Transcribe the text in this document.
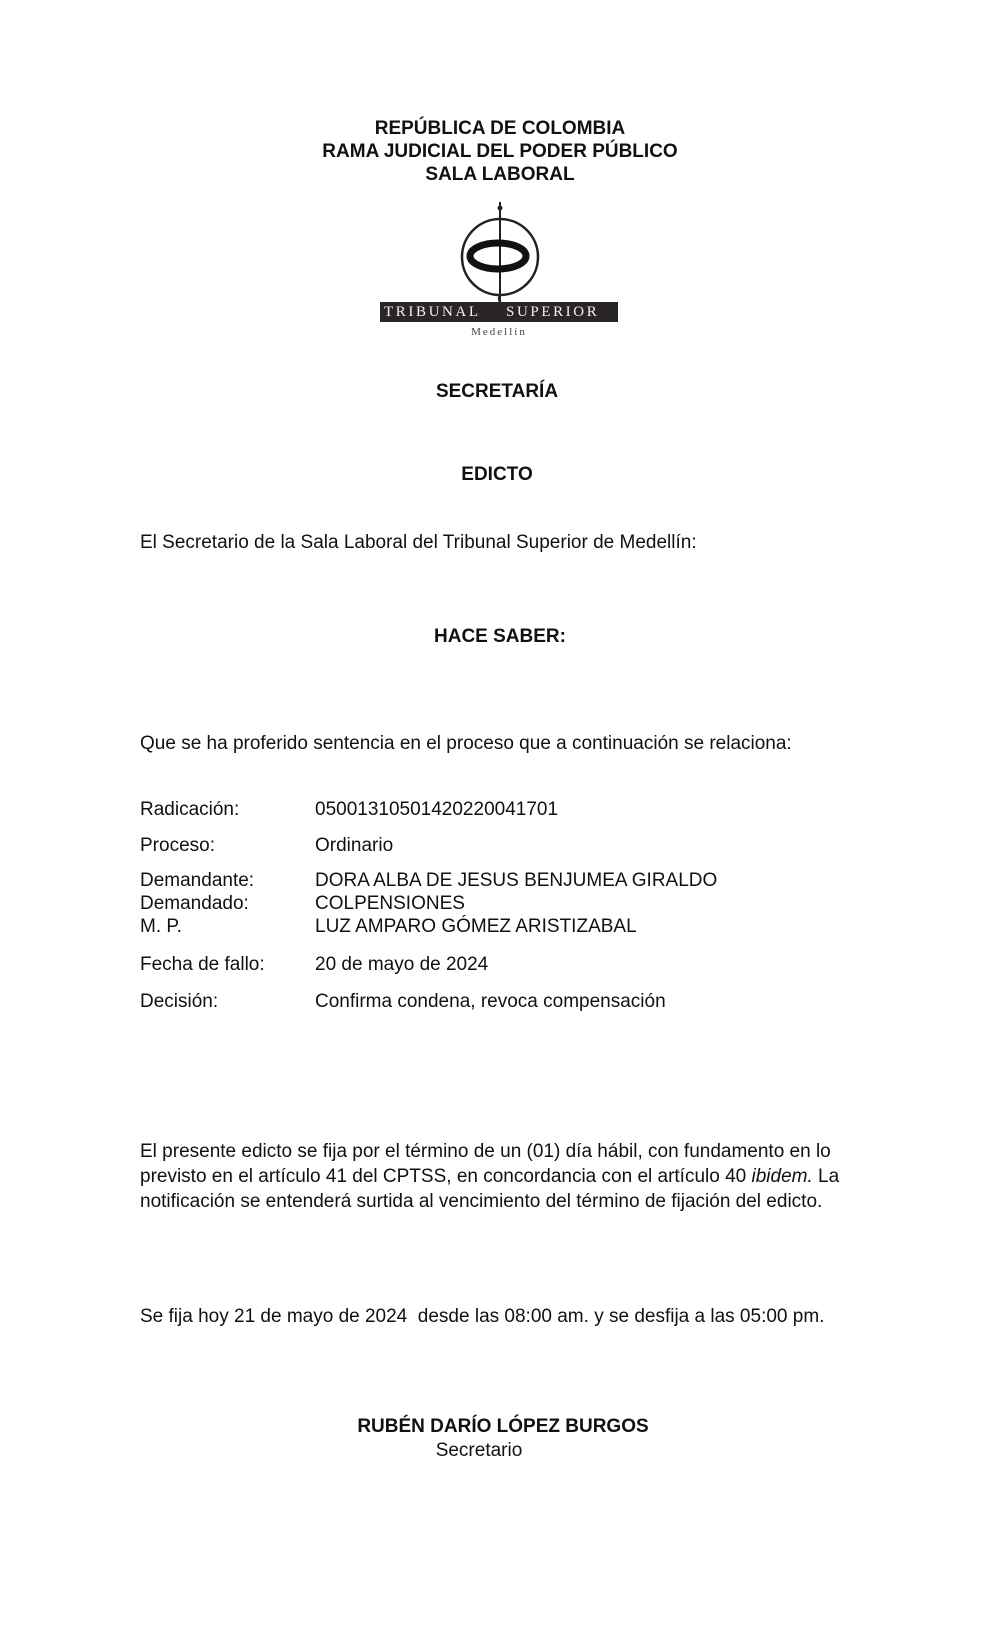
REPÚBLICA DE COLOMBIA
RAMA JUDICIAL DEL PODER PÚBLICO
SALA LABORAL
TRIBUNAL SUPERIOR
Medellín
SECRETARÍA
EDICTO
El Secretario de la Sala Laboral del Tribunal Superior de Medellín:
HACE SABER:
Que se ha proferido sentencia en el proceso que a continuación se relaciona:
Radicación:	05001310501420220041701
Proceso:	Ordinario
Demandante:	DORA ALBA DE JESUS BENJUMEA GIRALDO
Demandado:	COLPENSIONES
M. P.	LUZ AMPARO GÓMEZ ARISTIZABAL
Fecha de fallo:	20 de mayo de 2024
Decisión:	Confirma condena, revoca compensación
El presente edicto se fija por el término de un (01) día hábil, con fundamento en lo previsto en el artículo 41 del CPTSS, en concordancia con el artículo 40 ibidem. La notificación se entenderá surtida al vencimiento del término de fijación del edicto.
Se fija hoy 21 de mayo de 2024  desde las 08:00 am. y se desfija a las 05:00 pm.
RUBÉN DARÍO LÓPEZ BURGOS
Secretario
